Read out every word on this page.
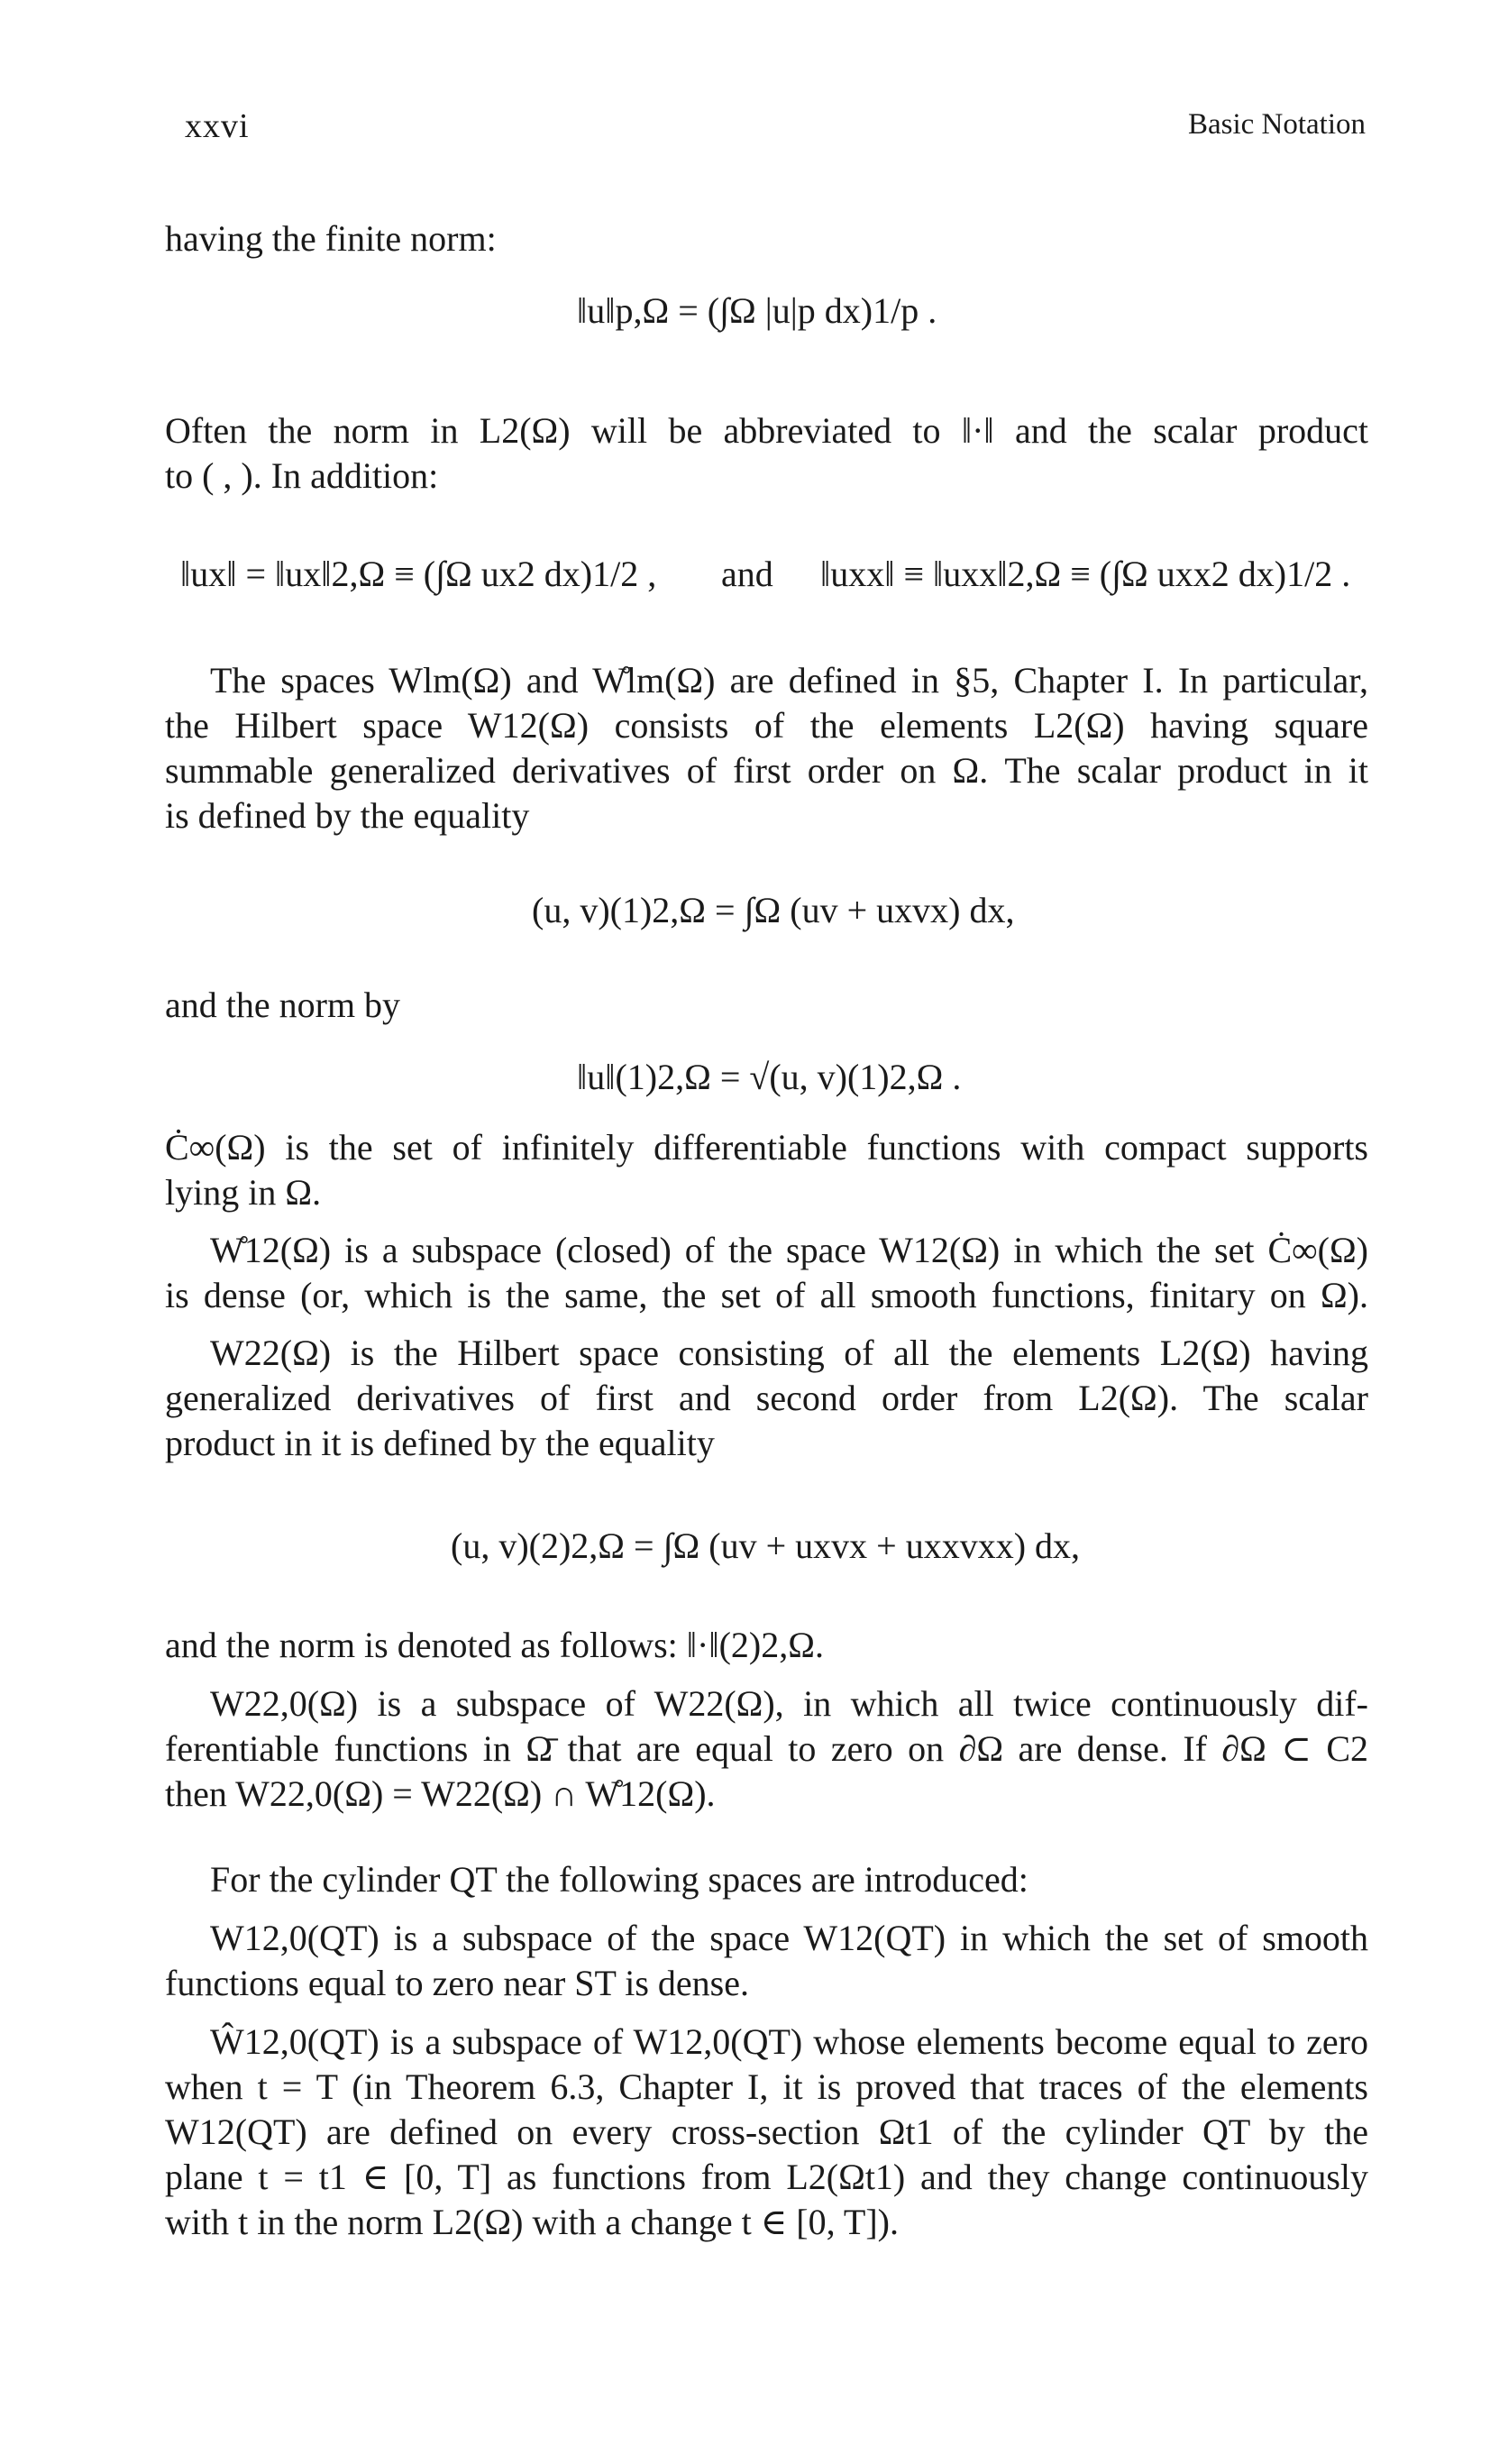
xxvi	Basic Notation
having the finite norm:
‖u‖p,Ω = (∫Ω |u|p dx)1/p .
Often the norm in L2(Ω) will be abbreviated to ‖·‖ and the scalar product
to ( , ). In addition:
‖ux‖ = ‖ux‖2,Ω ≡ (∫Ω ux2 dx)1/2 , and ‖uxx‖ ≡ ‖uxx‖2,Ω ≡ (∫Ω uxx2 dx)1/2 .
The spaces Wlm(Ω) and W̊lm(Ω) are defined in §5, Chapter I. In particular,
the Hilbert space W12(Ω) consists of the elements L2(Ω) having square
summable generalized derivatives of first order on Ω. The scalar product in it
is defined by the equality
(u, v)(1)2,Ω = ∫Ω (uv + uxvx) dx,
and the norm by
‖u‖(1)2,Ω = √(u, v)(1)2,Ω .
Ċ∞(Ω) is the set of infinitely differentiable functions with compact supports
lying in Ω.
W̊12(Ω) is a subspace (closed) of the space W12(Ω) in which the set Ċ∞(Ω)
is dense (or, which is the same, the set of all smooth functions, finitary on Ω).
W22(Ω) is the Hilbert space consisting of all the elements L2(Ω) having
generalized derivatives of first and second order from L2(Ω). The scalar
product in it is defined by the equality
(u, v)(2)2,Ω = ∫Ω (uv + uxvx + uxxvxx) dx,
and the norm is denoted as follows: ‖·‖(2)2,Ω.
W22,0(Ω) is a subspace of W22(Ω), in which all twice continuously dif-
ferentiable functions in Ω̄ that are equal to zero on ∂Ω are dense. If ∂Ω ⊂ C2
then W22,0(Ω) = W22(Ω) ∩ W̊12(Ω).
For the cylinder QT the following spaces are introduced:
W12,0(QT) is a subspace of the space W12(QT) in which the set of smooth
functions equal to zero near ST is dense.
Ŵ12,0(QT) is a subspace of W12,0(QT) whose elements become equal to zero
when t = T (in Theorem 6.3, Chapter I, it is proved that traces of the elements
W12(QT) are defined on every cross-section Ωt1 of the cylinder QT by the
plane t = t1 ∈ [0, T] as functions from L2(Ωt1) and they change continuously
with t in the norm L2(Ω) with a change t ∈ [0, T]).
